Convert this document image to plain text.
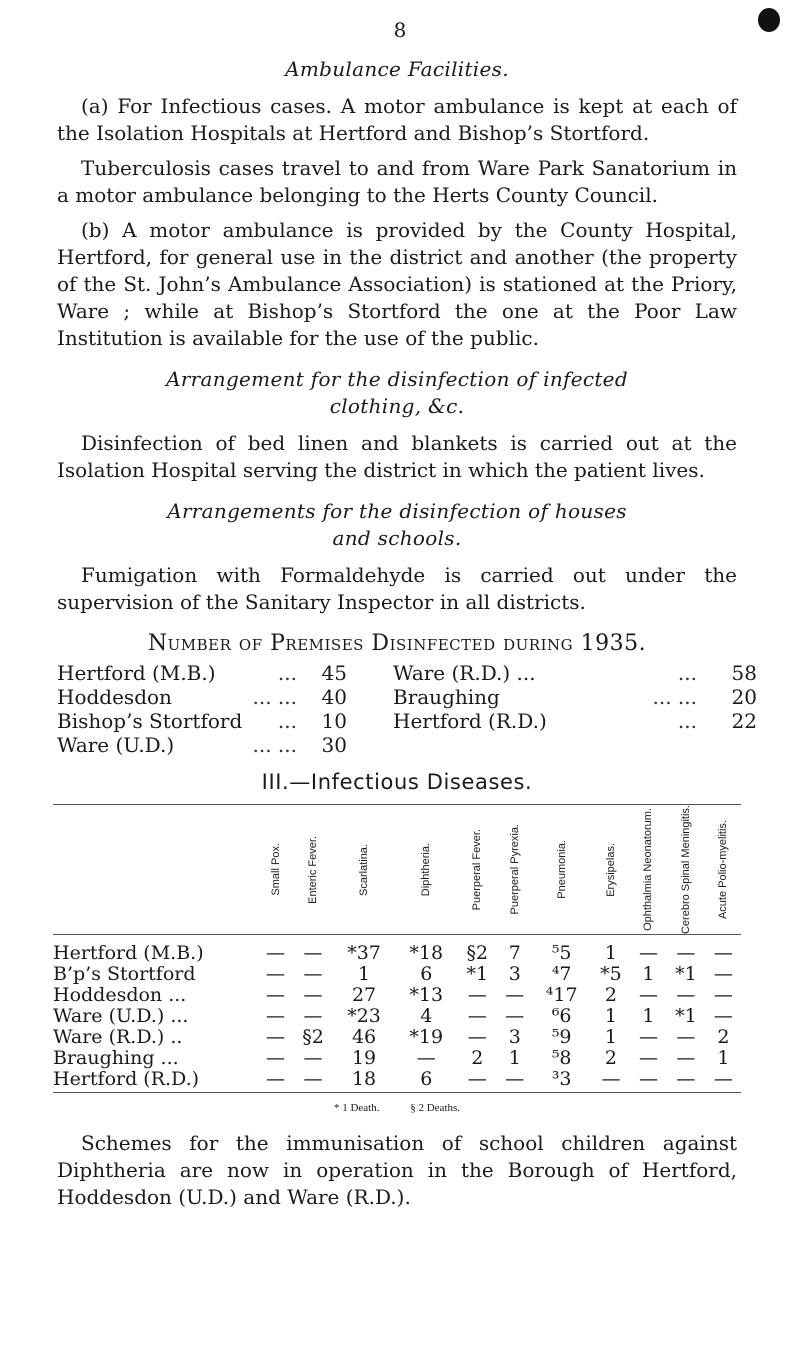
8
Ambulance Facilities.

(a) For Infectious cases. A motor ambulance is kept at each of the Isolation Hospitals at Hertford and Bishop’s Stortford.

Tuberculosis cases travel to and from Ware Park Sanatorium in a motor ambulance belonging to the Herts County Council.

(b) A motor ambulance is provided by the County Hospital, Hertford, for general use in the district and another (the property of the St. John’s Ambulance Association) is stationed at the Priory, Ware ; while at Bishop’s Stortford the one at the Poor Law Institution is available for the use of the public.

Arrangement for the disinfection of infected
clothing, &c.

Disinfection of bed linen and blankets is carried out at the Isolation Hospital serving the district in which the patient lives.

Arrangements for the disinfection of houses
and schools.

Fumigation with Formaldehyde is carried out under the supervision of the Sanitary Inspector in all districts.

Number of Premises Disinfected during 1935.
Hertford (M.B.)	...	45	Ware (R.D.) ...	...	58
Hoddesdon	... ...	40	Braughing	... ...	20
Bishop’s Stortford	...	10	Hertford (R.D.)	...	22
Ware (U.D.)	... ...	30
III.—Infectious Diseases.

	Small Pox.	Enteric Fever.	Scarlatina.	Diphtheria.	Puerperal Fever.	Puerperal Pyrexia.	Pneumonia.	Erysipelas.	Ophthalmia Neonatorum.	Cerebro Spinal Meningitis.	Acute Polio-myelitis.

Hertford (M.B.)	—	—	*37	*18	§2	7	⁵5	1	—	—	—
B’p’s Stortford	—	—	1	6	*1	3	⁴7	*5	1	*1	—
Hoddesdon ...	—	—	27	*13	—	—	⁴17	2	—	—	—
Ware (U.D.) ...	—	—	*23	4	—	—	⁶6	1	1	*1	—
Ware (R.D.) ..	—	§2	46	*19	—	3	⁵9	1	—	—	2
Braughing ...	—	—	19	—	2	1	⁵8	2	—	—	1
Hertford (R.D.)	—	—	18	6	—	—	³3	—	—	—	—
* 1 Death.	§ 2 Deaths.

Schemes for the immunisation of school children against Diphtheria are now in operation in the Borough of Hertford, Hoddesdon (U.D.) and Ware (R.D.).
